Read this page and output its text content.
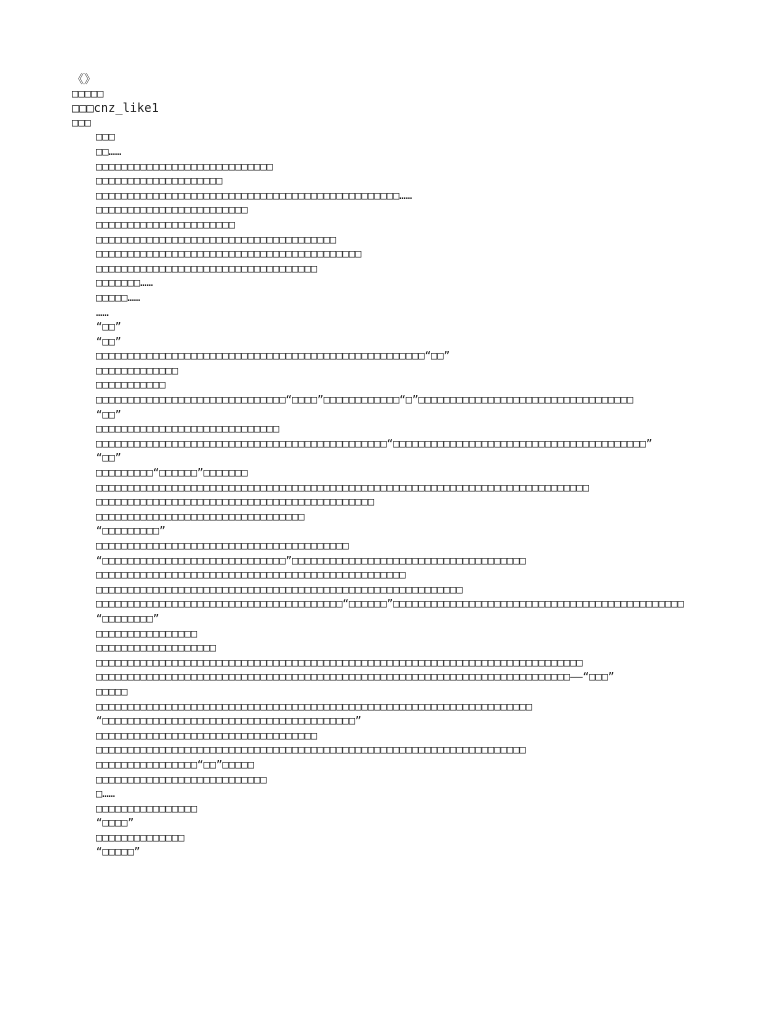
《》
□□□□□
□□□cnz_like1
□□□
□□□
□□……
□□□□□□□□□□□□□□□□□□□□□□□□□□□□
□□□□□□□□□□□□□□□□□□□□
□□□□□□□□□□□□□□□□□□□□□□□□□□□□□□□□□□□□□□□□□□□□□□□□……
□□□□□□□□□□□□□□□□□□□□□□□□
□□□□□□□□□□□□□□□□□□□□□□
□□□□□□□□□□□□□□□□□□□□□□□□□□□□□□□□□□□□□□
□□□□□□□□□□□□□□□□□□□□□□□□□□□□□□□□□□□□□□□□□□
□□□□□□□□□□□□□□□□□□□□□□□□□□□□□□□□□□□
□□□□□□□……
□□□□□……
……
“□□”
“□□”
□□□□□□□□□□□□□□□□□□□□□□□□□□□□□□□□□□□□□□□□□□□□□□□□□□□□“□□”
□□□□□□□□□□□□□
□□□□□□□□□□□
□□□□□□□□□□□□□□□□□□□□□□□□□□□□□□“□□□□”□□□□□□□□□□□□“□”□□□□□□□□□□□□□□□□□□□□□□□□□□□□□□□□□□
“□□”
□□□□□□□□□□□□□□□□□□□□□□□□□□□□□
□□□□□□□□□□□□□□□□□□□□□□□□□□□□□□□□□□□□□□□□□□□□□□“□□□□□□□□□□□□□□□□□□□□□□□□□□□□□□□□□□□□□□□□”
“□□”
□□□□□□□□□“□□□□□□”□□□□□□□
□□□□□□□□□□□□□□□□□□□□□□□□□□□□□□□□□□□□□□□□□□□□□□□□□□□□□□□□□□□□□□□□□□□□□□□□□□□□□□
□□□□□□□□□□□□□□□□□□□□□□□□□□□□□□□□□□□□□□□□□□□□
□□□□□□□□□□□□□□□□□□□□□□□□□□□□□□□□□
“□□□□□□□□□”
□□□□□□□□□□□□□□□□□□□□□□□□□□□□□□□□□□□□□□□□
“□□□□□□□□□□□□□□□□□□□□□□□□□□□□□”□□□□□□□□□□□□□□□□□□□□□□□□□□□□□□□□□□□□□
□□□□□□□□□□□□□□□□□□□□□□□□□□□□□□□□□□□□□□□□□□□□□□□□□
□□□□□□□□□□□□□□□□□□□□□□□□□□□□□□□□□□□□□□□□□□□□□□□□□□□□□□□□□□
□□□□□□□□□□□□□□□□□□□□□□□□□□□□□□□□□□□□□□□“□□□□□□”□□□□□□□□□□□□□□□□□□□□□□□□□□□□□□□□□□□□□□□□□□□□□□
“□□□□□□□□”
□□□□□□□□□□□□□□□□
□□□□□□□□□□□□□□□□□□□
□□□□□□□□□□□□□□□□□□□□□□□□□□□□□□□□□□□□□□□□□□□□□□□□□□□□□□□□□□□□□□□□□□□□□□□□□□□□□
□□□□□□□□□□□□□□□□□□□□□□□□□□□□□□□□□□□□□□□□□□□□□□□□□□□□□□□□□□□□□□□□□□□□□□□□□□□——“□□□”
□□□□□
□□□□□□□□□□□□□□□□□□□□□□□□□□□□□□□□□□□□□□□□□□□□□□□□□□□□□□□□□□□□□□□□□□□□□
“□□□□□□□□□□□□□□□□□□□□□□□□□□□□□□□□□□□□□□□□”
□□□□□□□□□□□□□□□□□□□□□□□□□□□□□□□□□□□
□□□□□□□□□□□□□□□□□□□□□□□□□□□□□□□□□□□□□□□□□□□□□□□□□□□□□□□□□□□□□□□□□□□□
□□□□□□□□□□□□□□□□“□□”□□□□□
□□□□□□□□□□□□□□□□□□□□□□□□□□□
□……
□□□□□□□□□□□□□□□□
“□□□□”
□□□□□□□□□□□□□□
“□□□□□”
